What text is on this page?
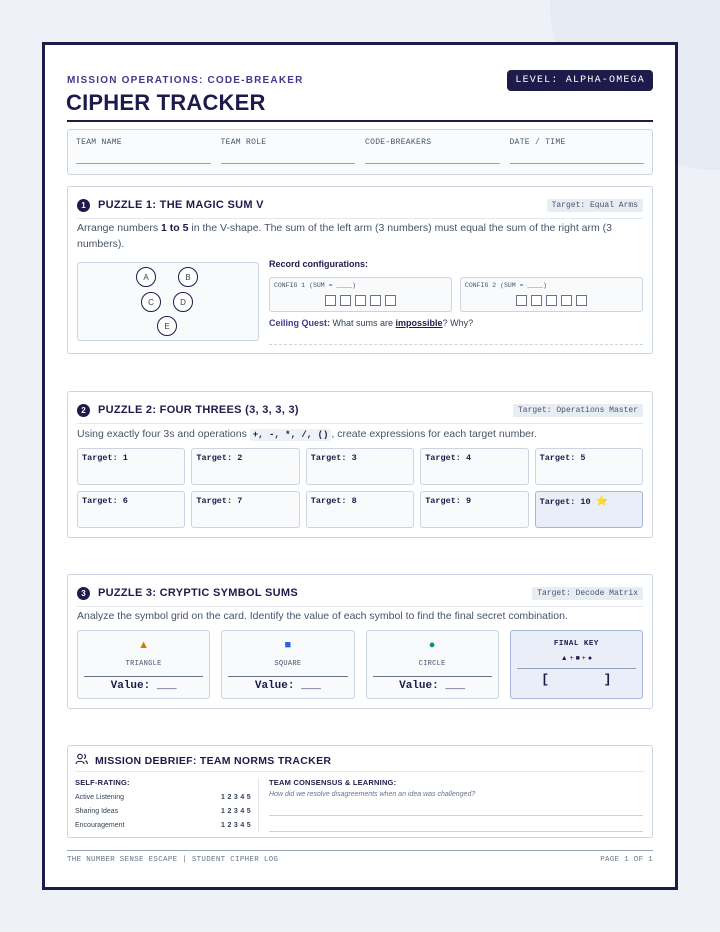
MISSION OPERATIONS: CODE-BREAKER
CIPHER TRACKER
LEVEL: ALPHA-OMEGA
TEAM NAME	TEAM ROLE	CODE-BREAKERS	DATE / TIME
1	PUZZLE 1: THE MAGIC SUM V	Target: Equal Arms
Arrange numbers 1 to 5 in the V-shape. The sum of the left arm (3 numbers) must equal the sum of the right arm (3 numbers).
A	B
C	D
E
Record configurations:
CONFIG 1 (SUM = ____)	CONFIG 2 (SUM = ____)
Ceiling Quest: What sums are impossible? Why?
2	PUZZLE 2: FOUR THREES (3, 3, 3, 3)	Target: Operations Master
Using exactly four 3s and operations +, -, *, /, () , create expressions for each target number.
Target: 1	Target: 2	Target: 3	Target: 4	Target: 5
Target: 6	Target: 7	Target: 8	Target: 9	Target: 10 ⭐
3	PUZZLE 3: CRYPTIC SYMBOL SUMS	Target: Decode Matrix
Analyze the symbol grid on the card. Identify the value of each symbol to find the final secret combination.
▲
TRIANGLE
Value: ___
■
SQUARE
Value: ___
●
CIRCLE
Value: ___
FINAL KEY
▲ + ■ + ●
[       ]
MISSION DEBRIEF: TEAM NORMS TRACKER
SELF-RATING:
Active Listening	1 2 3 4 5
Sharing Ideas	1 2 3 4 5
Encouragement	1 2 3 4 5
TEAM CONSENSUS & LEARNING:
How did we resolve disagreements when an idea was challenged?
THE NUMBER SENSE ESCAPE | STUDENT CIPHER LOG	PAGE 1 OF 1
